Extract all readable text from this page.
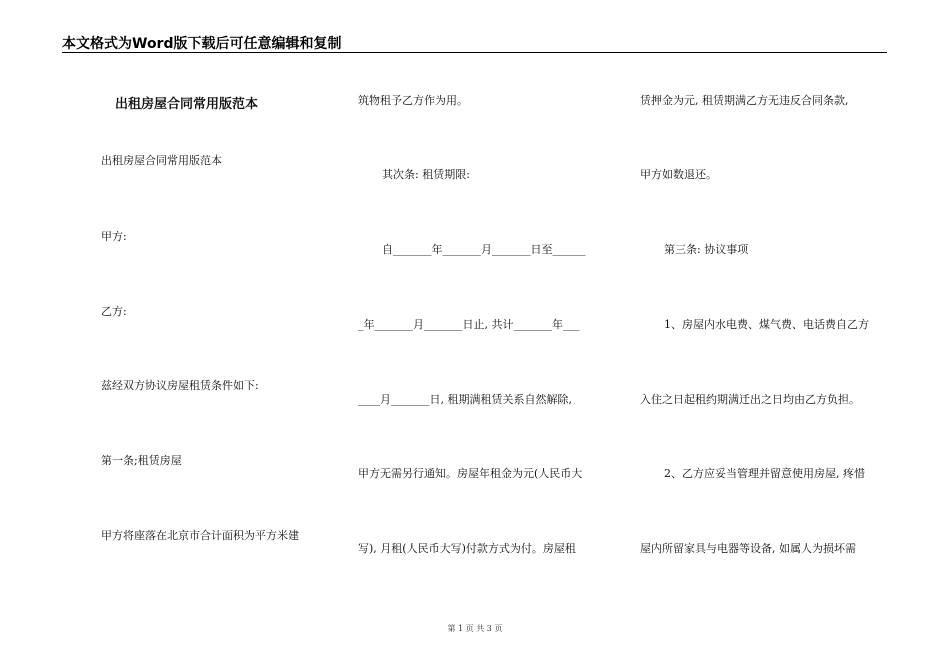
本文格式为Word版下载后可任意编辑和复制
出租房屋合同常用版范本
出租房屋合同常用版范本
甲方:
乙方:
兹经双方协议房屋租赁条件如下:
第一条;租赁房屋
甲方将座落在北京市合计面积为平方米建
筑物租予乙方作为用。
其次条: 租赁期限:
自_______年_______月_______日至______
_年_______月_______日止, 共计_______年___
____月_______日, 租期满租赁关系自然解除,
甲方无需另行通知。房屋年租金为元(人民币大
写), 月租(人民币大写)付款方式为付。房屋租
赁押金为元, 租赁期满乙方无违反合同条款,
甲方如数退还。
第三条: 协议事项
1、房屋内水电费、煤气费、电话费自乙方
入住之日起租约期满迁出之日均由乙方负担。
2、乙方应妥当管理并留意使用房屋, 疼惜
屋内所留家具与电器等设备, 如属人为损坏需
第 1 页 共 3 页
